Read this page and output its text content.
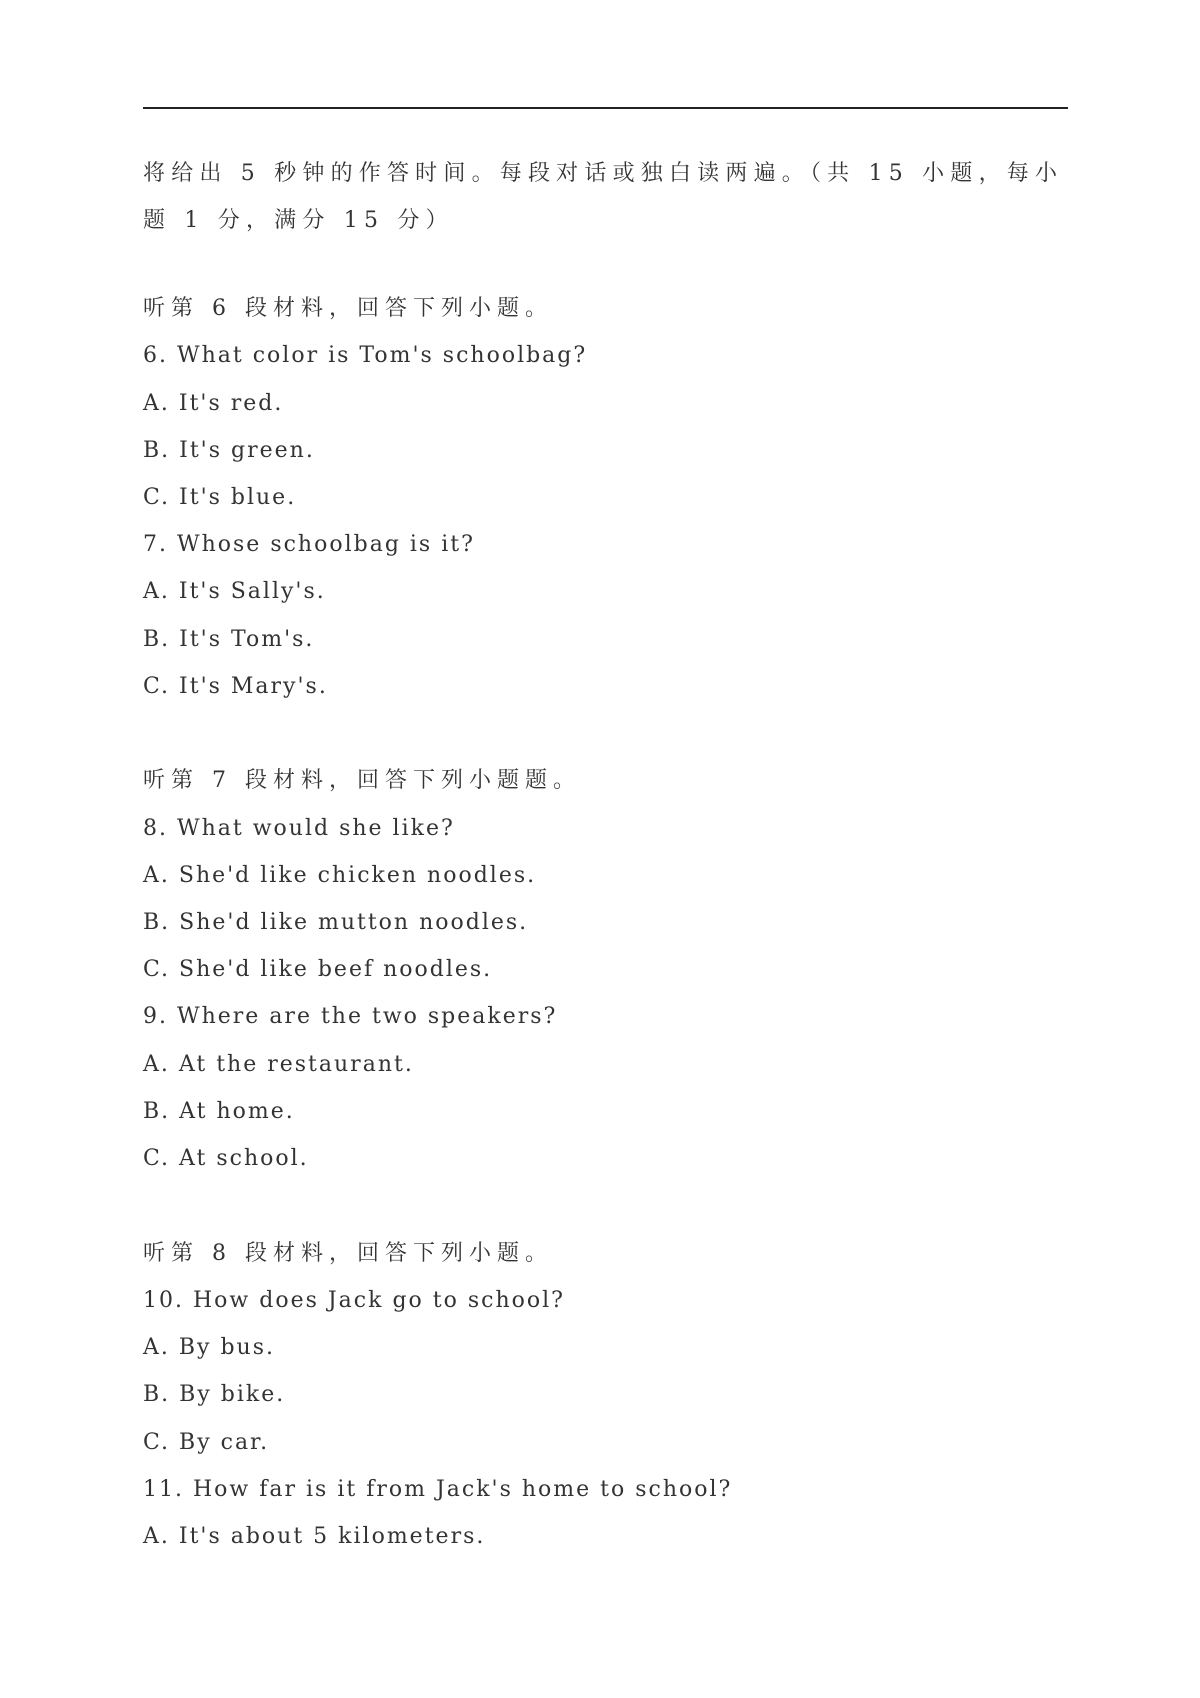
将给出 5 秒钟的作答时间。每段对话或独白读两遍。（共 15 小题，每小题 1 分，满分 15 分）
听第 6 段材料，回答下列小题。
6. What color is Tom's schoolbag?
A. It's red.
B. It's green.
C. It's blue.
7. Whose schoolbag is it?
A. It's Sally's.
B. It's Tom's.
C. It's Mary's.
听第 7 段材料，回答下列小题题。
8. What would she like?
A. She'd like chicken noodles.
B. She'd like mutton noodles.
C. She'd like beef noodles.
9. Where are the two speakers?
A. At the restaurant.
B. At home.
C. At school.
听第 8 段材料，回答下列小题。
10. How does Jack go to school?
A. By bus.
B. By bike.
C. By car.
11. How far is it from Jack's home to school?
A. It's about 5 kilometers.
